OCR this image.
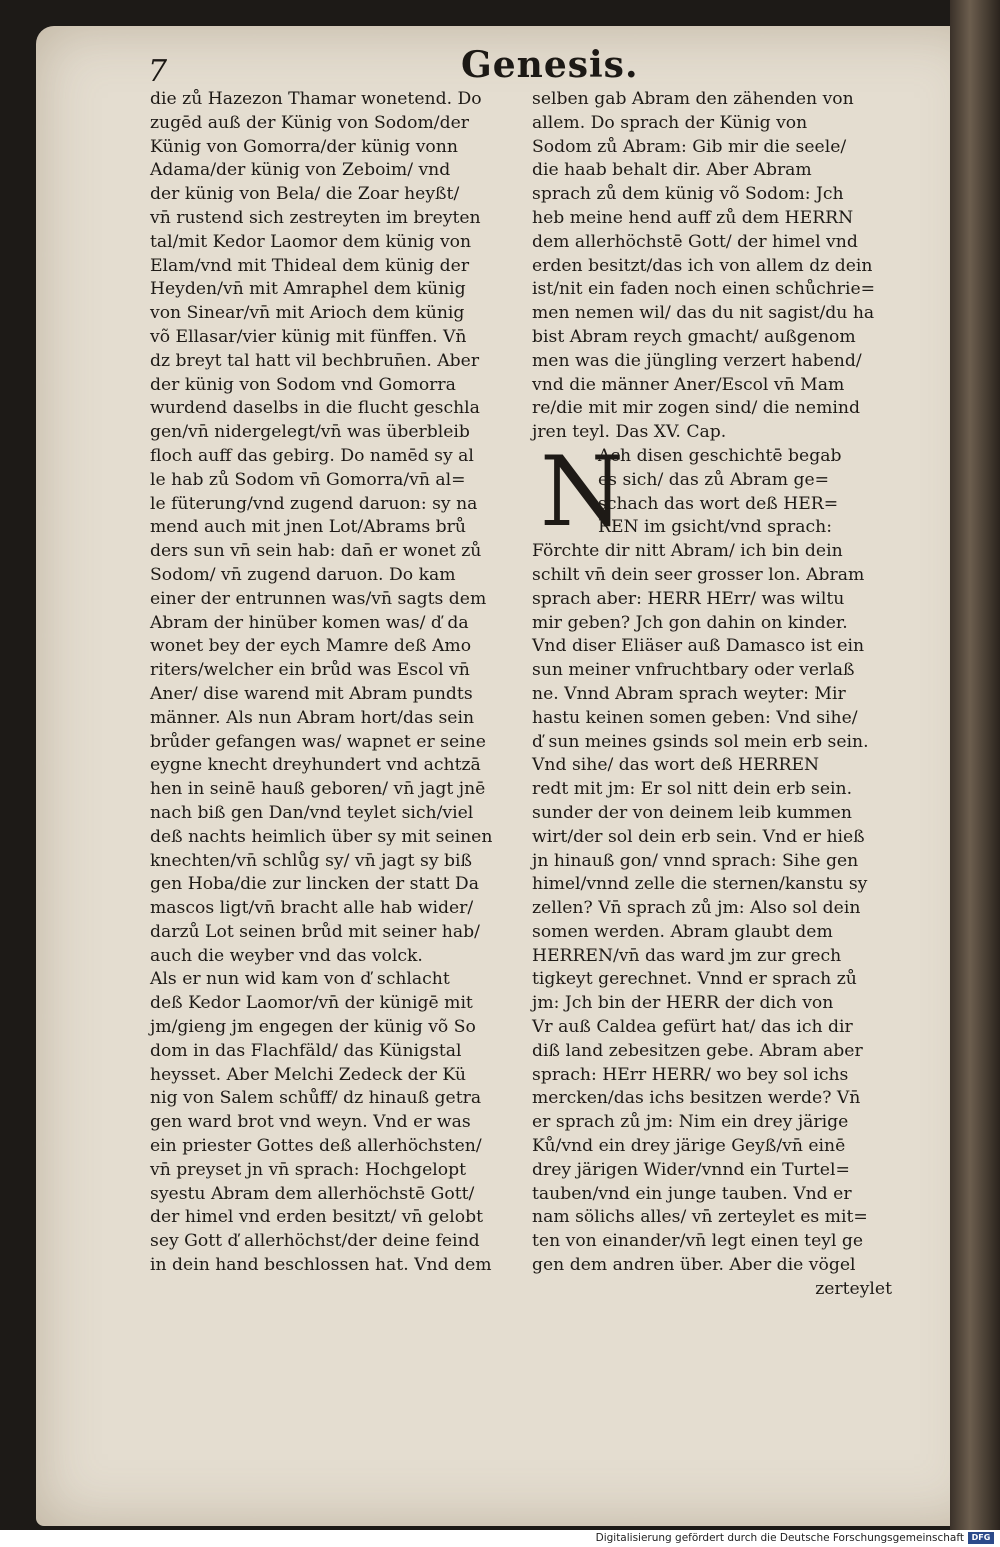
7	Genesis.
die zů Hazezon Thamar wonetend. Do
zugēd auß der Künig von Sodom/der
Künig von Gomorra/der künig vonn
Adama/der künig von Zeboim/ vnd
der künig von Bela/ die Zoar heyßt/
vn̄ rustend sich zestreyten im breyten
tal/mit Kedor Laomor dem künig von
Elam/vnd mit Thideal dem künig der
Heyden/vn̄ mit Amraphel dem künig
von Sinear/vn̄ mit Arioch dem künig
võ Ellasar/vier künig mit fünffen. Vn̄
dz breyt tal hatt vil bechbrun̄en. Aber
der künig von Sodom vnd Gomorra
wurdend daselbs in die flucht geschla
gen/vn̄ nidergelegt/vn̄ was überbleib
floch auff das gebirg. Do namēd sy al
le hab zů Sodom vn̄ Gomorra/vn̄ al=
le füterung/vnd zugend daruon: sy na
mend auch mit jnen Lot/Abrams brů
ders sun vn̄ sein hab: dan̄ er wonet zů
Sodom/ vn̄ zugend daruon. Do kam
einer der entrunnen was/vn̄ sagts dem
Abram der hinüber komen was/ ď da
wonet bey der eych Mamre deß Amo
riters/welcher ein brůd was Escol vn̄
Aner/ dise warend mit Abram pundts
männer. Als nun Abram hort/das sein
brůder gefangen was/ wapnet er seine
eygne knecht dreyhundert vnd achtzā
hen in seinē hauß geboren/ vn̄ jagt jnē
nach biß gen Dan/vnd teylet sich/viel
deß nachts heimlich über sy mit seinen
knechten/vn̄ schlůg sy/ vn̄ jagt sy biß
gen Hoba/die zur lincken der statt Da
mascos ligt/vn̄ bracht alle hab wider/
darzů Lot seinen brůd mit seiner hab/
auch die weyber vnd das volck.
Als er nun wid kam von ď schlacht
deß Kedor Laomor/vn̄ der künigē mit
jm/gieng jm engegen der künig võ So
dom in das Flachfäld/ das Künigstal
heysset. Aber Melchi Zedeck der Kü
nig von Salem schůff/ dz hinauß getra
gen ward brot vnd weyn. Vnd er was
ein priester Gottes deß allerhöchsten/
vn̄ preyset jn vn̄ sprach: Hochgelopt
syestu Abram dem allerhöchstē Gott/
der himel vnd erden besitzt/ vn̄ gelobt
sey Gott ď allerhöchst/der deine feind
in dein hand beschlossen hat. Vnd dem
selben gab Abram den zähenden von
allem. Do sprach der Künig von
Sodom zů Abram: Gib mir die seele/
die haab behalt dir. Aber Abram
sprach zů dem künig võ Sodom: Jch
heb meine hend auff zů dem HERRN
dem allerhöchstē Gott/ der himel vnd
erden besitzt/das ich von allem dz dein
ist/nit ein faden noch einen schůchrie=
men nemen wil/ das du nit sagist/du ha
bist Abram reych gmacht/ außgenom
men was die jüngling verzert habend/
vnd die männer Aner/Escol vn̄ Mam
re/die mit mir zogen sind/ die nemind
jren teyl. Das XV. Cap.
Ach disen geschichtē begab
es sich/ das zů Abram ge=
schach das wort deß HER=
REN im gsicht/vnd sprach:
Förchte dir nitt Abram/ ich bin dein
schilt vn̄ dein seer grosser lon. Abram
sprach aber: HERR HErr/ was wiltu
mir geben? Jch gon dahin on kinder.
Vnd diser Eliäser auß Damasco ist ein
sun meiner vnfruchtbary oder verlaß
ne. Vnnd Abram sprach weyter: Mir
hastu keinen somen geben: Vnd sihe/
ď sun meines gsinds sol mein erb sein.
Vnd sihe/ das wort deß HERREN
redt mit jm: Er sol nitt dein erb sein.
sunder der von deinem leib kummen
wirt/der sol dein erb sein. Vnd er hieß
jn hinauß gon/ vnnd sprach: Sihe gen
himel/vnnd zelle die sternen/kanstu sy
zellen? Vn̄ sprach zů jm: Also sol dein
somen werden. Abram glaubt dem
HERREN/vn̄ das ward jm zur grech
tigkeyt gerechnet. Vnnd er sprach zů
jm: Jch bin der HERR der dich von
Vr auß Caldea gefürt hat/ das ich dir
diß land zebesitzen gebe. Abram aber
sprach: HErr HERR/ wo bey sol ichs
mercken/das ichs besitzen werde? Vn̄
er sprach zů jm: Nim ein drey järige
Ků/vnd ein drey järige Geyß/vn̄ einē
drey järigen Wider/vnnd ein Turtel=
tauben/vnd ein junge tauben. Vnd er
nam sölichs alles/ vn̄ zerteylet es mit=
ten von einander/vn̄ legt einen teyl ge
gen dem andren über. Aber die vögel
zerteylet
N
Digitalisierung gefördert durch die Deutsche Forschungsgemeinschaft DFG
